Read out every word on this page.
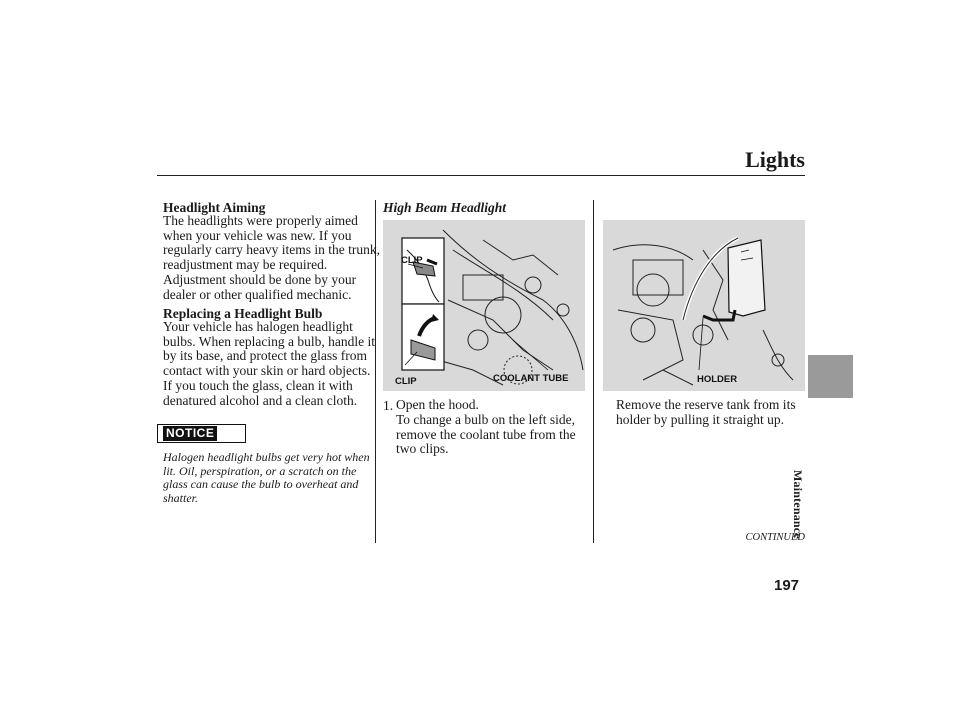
Lights
Maintenance
Headlight Aiming
The headlights were properly aimed when your vehicle was new. If you regularly carry heavy items in the trunk, readjustment may be required. Adjustment should be done by your dealer or other qualified mechanic.
Replacing a Headlight Bulb
Your vehicle has halogen headlight bulbs. When replacing a bulb, handle it by its base, and protect the glass from contact with your skin or hard objects. If you touch the glass, clean it with denatured alcohol and a clean cloth.
NOTICE
Halogen headlight bulbs get very hot when lit. Oil, perspiration, or a scratch on the glass can cause the bulb to overheat and shatter.
High Beam Headlight
CLIP
CLIP	COOLANT TUBE
1. Open the hood.
To change a bulb on the left side, remove the coolant tube from the two clips.
HOLDER
Remove the reserve tank from its holder by pulling it straight up.
CONTINUED
197
